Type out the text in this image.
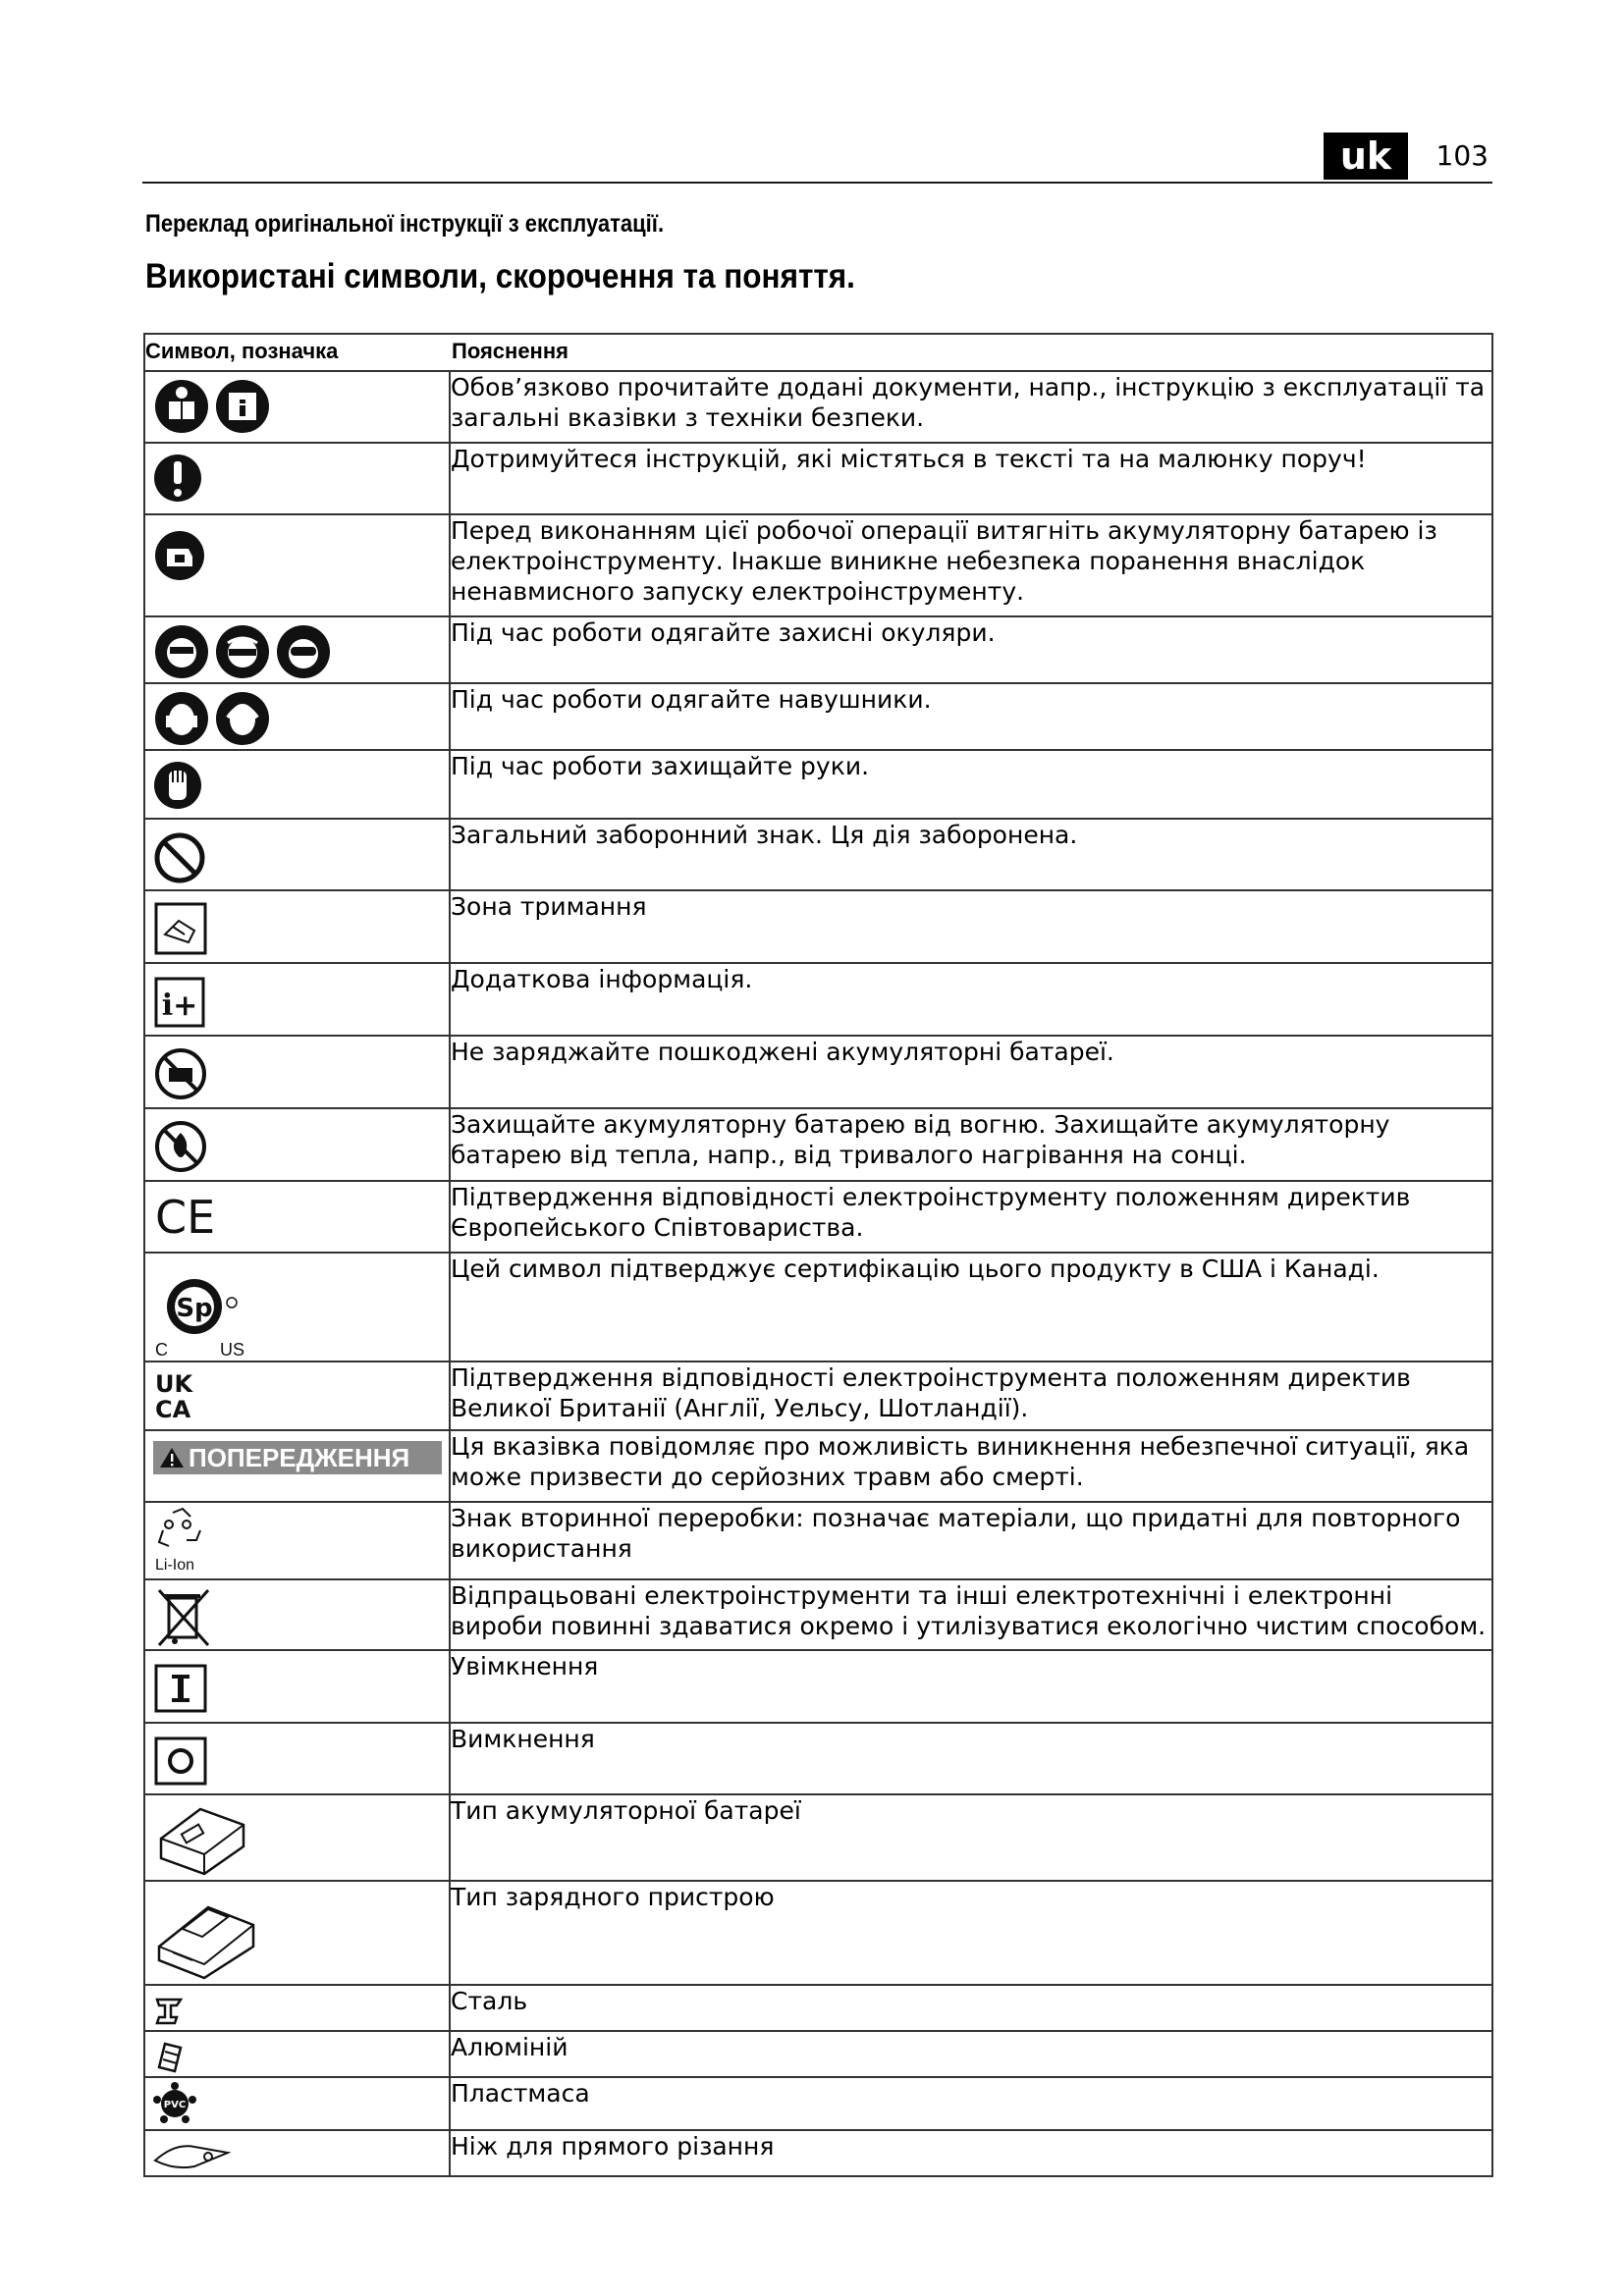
uk	103
Переклад оригінальної інструкції з експлуатації.
Використані символи, скорочення та поняття.
Символ, позначка	Пояснення

	Обов’язково прочитайте додані документи, напр., інструкцію з експлуатації та загальні вказівки з техніки безпеки.

	Дотримуйтеся інструкцій, які містяться в тексті та на малюнку поруч!

	Перед виконанням цієї робочої операції витягніть акумуляторну батарею із електроінструменту. Інакше виникне небезпека поранення внаслідок ненавмисного запуску електроінструменту.

	Під час роботи одягайте захисні окуляри.

	Під час роботи одягайте навушники.

	Під час роботи захищайте руки.

	Загальний заборонний знак. Ця дія заборонена.

	Зона тримання

i+	Додаткова інформація.

	Не заряджайте пошкоджені акумуляторні батареї.

	Захищайте акумуляторну батарею від вогню. Захищайте акумуляторну батарею від тепла, напр., від тривалого нагрівання на сонці.

CE	Підтвердження відповідності електроінструменту положенням директив Європейського Співтовариства.

Sp
C US	Цей символ підтверджує сертифікацію цього продукту в США і Канаді.

UK
CA	Підтвердження відповідності електроінструмента положенням директив Великої Британії (Англії, Уельсу, Шотландії).

ПОПЕРЕДЖЕННЯ	Ця вказівка повідомляє про можливість виникнення небезпечної ситуації, яка може призвести до серйозних травм або смерті.

Li-Ion	Знак вторинної переробки: позначає матеріали, що придатні для повторного використання

	Відпрацьовані електроінструменти та інші електротехнічні і електронні вироби повинні здаватися окремо і утилізуватися екологічно чистим способом.

	Увімкнення

	Вимкнення

	Тип акумуляторної батареї

	Тип зарядного пристрою

	Сталь

	Алюміній

PVC	Пластмаса

	Ніж для прямого різання
